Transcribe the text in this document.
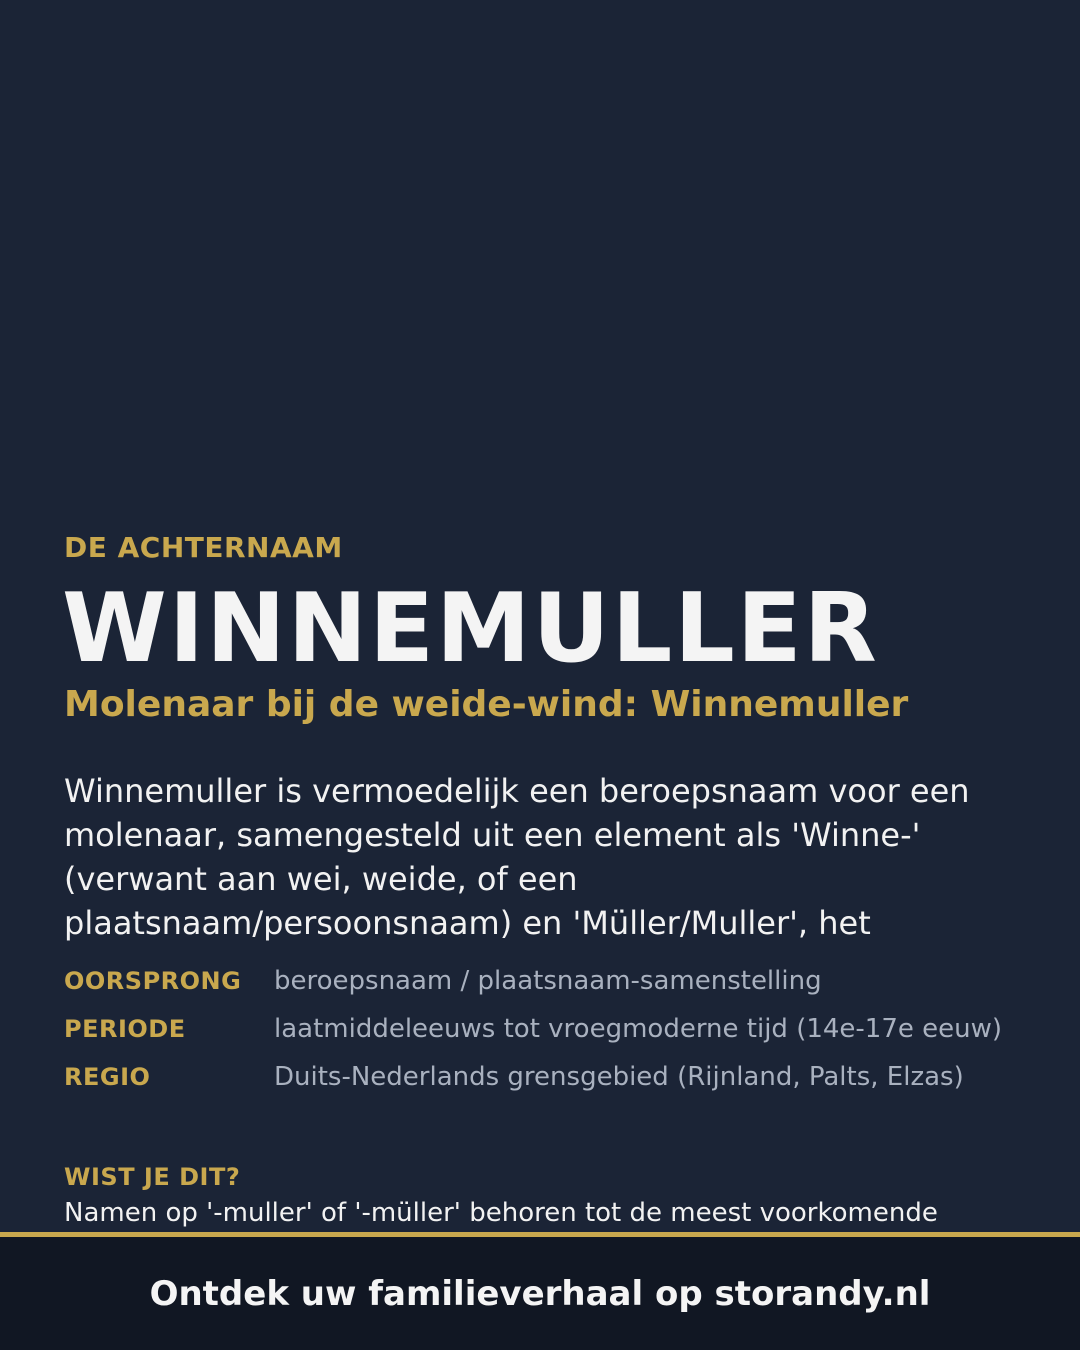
DE ACHTERNAAM
WINNEMULLER
Molenaar bij de weide-wind: Winnemuller

Winnemuller is vermoedelijk een beroepsnaam voor een molenaar, samengesteld uit een element als 'Winne-' (verwant aan wei, weide, of een plaatsnaam/persoonsnaam) en 'Müller/Muller', het

OORSPRONG	beroepsnaam / plaatsnaam-samenstelling
PERIODE	laatmiddeleeuws tot vroegmoderne tijd (14e-17e eeuw)
REGIO	Duits-Nederlands grensgebied (Rijnland, Palts, Elzas)
WIST JE DIT?
Namen op '-muller' of '-müller' behoren tot de meest voorkomende
Ontdek uw familieverhaal op storandy.nl
